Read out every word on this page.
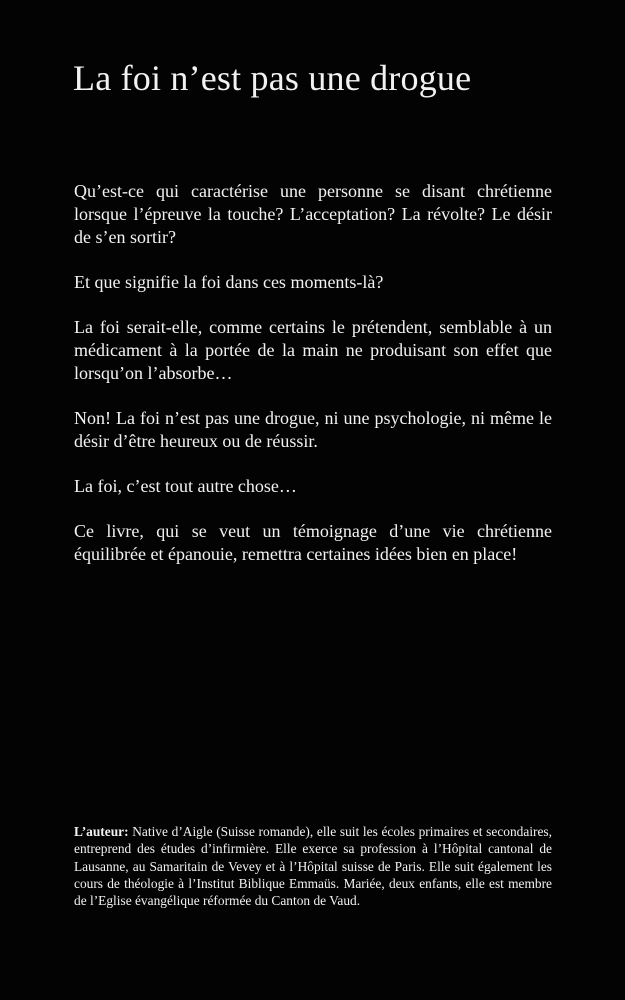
La foi n’est pas une drogue

Qu’est-ce qui caractérise une personne se disant chrétienne lorsque l’épreuve la touche? L’acceptation? La révolte? Le désir de s’en sortir?

Et que signifie la foi dans ces moments-là?

La foi serait-elle, comme certains le prétendent, semblable à un médicament à la portée de la main ne produisant son effet que lorsqu’on l’absorbe…

Non! La foi n’est pas une drogue, ni une psychologie, ni même le désir d’être heureux ou de réussir.

La foi, c’est tout autre chose…

Ce livre, qui se veut un témoignage d’une vie chrétienne équilibrée et épanouie, remettra certaines idées bien en place!

L’auteur: Native d’Aigle (Suisse romande), elle suit les écoles primaires et secondaires, entreprend des études d’infirmière. Elle exerce sa profession à l’Hôpital cantonal de Lausanne, au Samaritain de Vevey et à l’Hôpital suisse de Paris. Elle suit également les cours de théologie à l’Institut Biblique Emmaüs. Mariée, deux enfants, elle est membre de l’Eglise évangélique réformée du Canton de Vaud.
